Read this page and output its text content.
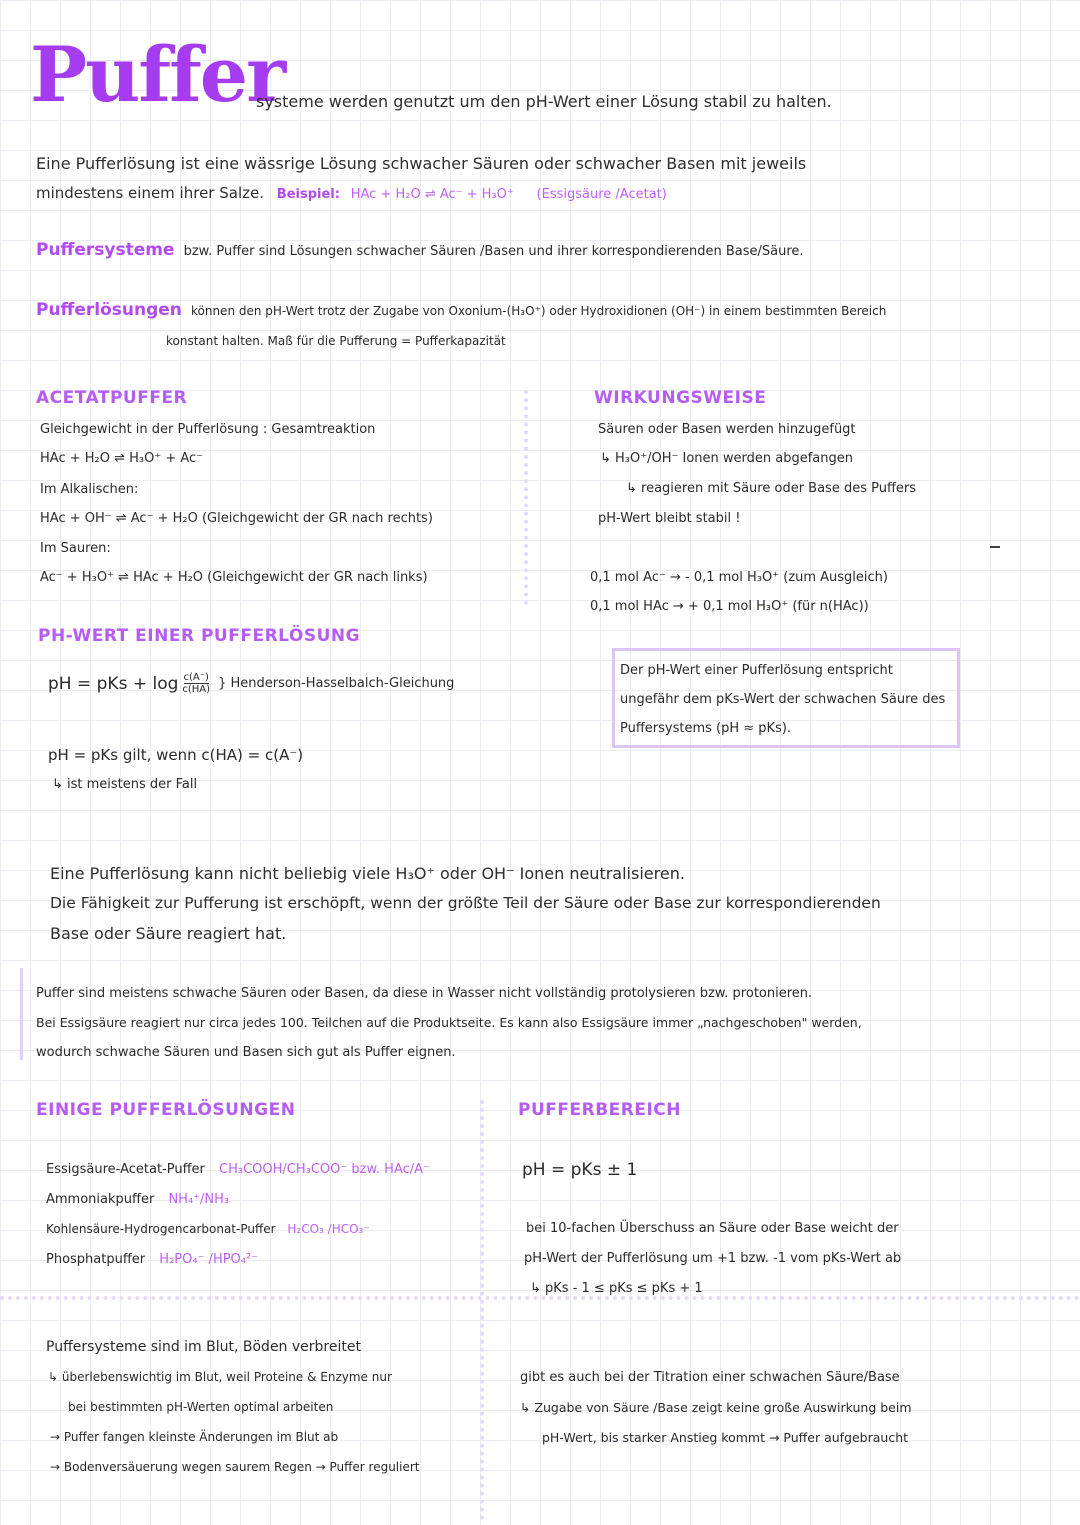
Puffer
systeme werden genutzt um den pH-Wert einer Lösung stabil zu halten.
Eine Pufferlösung ist eine wässrige Lösung schwacher Säuren oder schwacher Basen mit jeweils
mindestens einem ihrer Salze. Beispiel: HAc + H₂O ⇌ Ac⁻ + H₃O⁺ (Essigsäure /Acetat)
Puffersysteme bzw. Puffer sind Lösungen schwacher Säuren /Basen und ihrer korrespondierenden Base/Säure.
Pufferlösungen können den pH-Wert trotz der Zugabe von Oxonium-(H₃O⁺) oder Hydroxidionen (OH⁻) in einem bestimmten Bereich
konstant halten. Maß für die Pufferung = Pufferkapazität
ACETATPUFFER
Gleichgewicht in der Pufferlösung : Gesamtreaktion
HAc + H₂O ⇌ H₃O⁺ + Ac⁻
Im Alkalischen:
HAc + OH⁻ ⇌ Ac⁻ + H₂O (Gleichgewicht der GR nach rechts)
Im Sauren:
Ac⁻ + H₃O⁺ ⇌ HAc + H₂O (Gleichgewicht der GR nach links)
WIRKUNGSWEISE
Säuren oder Basen werden hinzugefügt
↳ H₃O⁺/OH⁻ Ionen werden abgefangen
↳ reagieren mit Säure oder Base des Puffers
pH-Wert bleibt stabil !
0,1 mol Ac⁻ → - 0,1 mol H₃O⁺ (zum Ausgleich)
0,1 mol HAc → + 0,1 mol H₃O⁺ (für n(HAc))
PH-WERT EINER PUFFERLÖSUNG
pH = pKs + $\log \frac{c(A^-)}{c(HA)}$ } Henderson-Hasselbalch-Gleichung
pH = pKs gilt, wenn c(HA) = c(A⁻)
↳ ist meistens der Fall
Der pH-Wert einer Pufferlösung entspricht ungefähr dem pKs-Wert der schwachen Säure des Puffersystems (pH ≈ pKs).
Eine Pufferlösung kann nicht beliebig viele H₃O⁺ oder OH⁻ Ionen neutralisieren.
Die Fähigkeit zur Pufferung ist erschöpft, wenn der größte Teil der Säure oder Base zur korrespondierenden
Base oder Säure reagiert hat.
Puffer sind meistens schwache Säuren oder Basen, da diese in Wasser nicht vollständig protolysieren bzw. protonieren.
Bei Essigsäure reagiert nur circa jedes 100. Teilchen auf die Produktseite. Es kann also Essigsäure immer „nachgeschoben" werden,
wodurch schwache Säuren und Basen sich gut als Puffer eignen.
EINIGE PUFFERLÖSUNGEN
Essigsäure-Acetat-Puffer CH₃COOH/CH₃COO⁻ bzw. HAc/A⁻
Ammoniakpuffer NH₄⁺/NH₃
Kohlensäure-Hydrogencarbonat-Puffer H₂CO₃ /HCO₃⁻
Phosphatpuffer H₂PO₄⁻ /HPO₄²⁻
Puffersysteme sind im Blut, Böden verbreitet
↳ überlebenswichtig im Blut, weil Proteine & Enzyme nur
bei bestimmten pH-Werten optimal arbeiten
→ Puffer fangen kleinste Änderungen im Blut ab
→ Bodenversäuerung wegen saurem Regen → Puffer reguliert
PUFFERBEREICH
pH = pKs ± 1
bei 10-fachen Überschuss an Säure oder Base weicht der
pH-Wert der Pufferlösung um +1 bzw. -1 vom pKs-Wert ab
↳ pKs - 1 ≤ pKs ≤ pKs + 1
gibt es auch bei der Titration einer schwachen Säure/Base
↳ Zugabe von Säure /Base zeigt keine große Auswirkung beim
pH-Wert, bis starker Anstieg kommt → Puffer aufgebraucht
